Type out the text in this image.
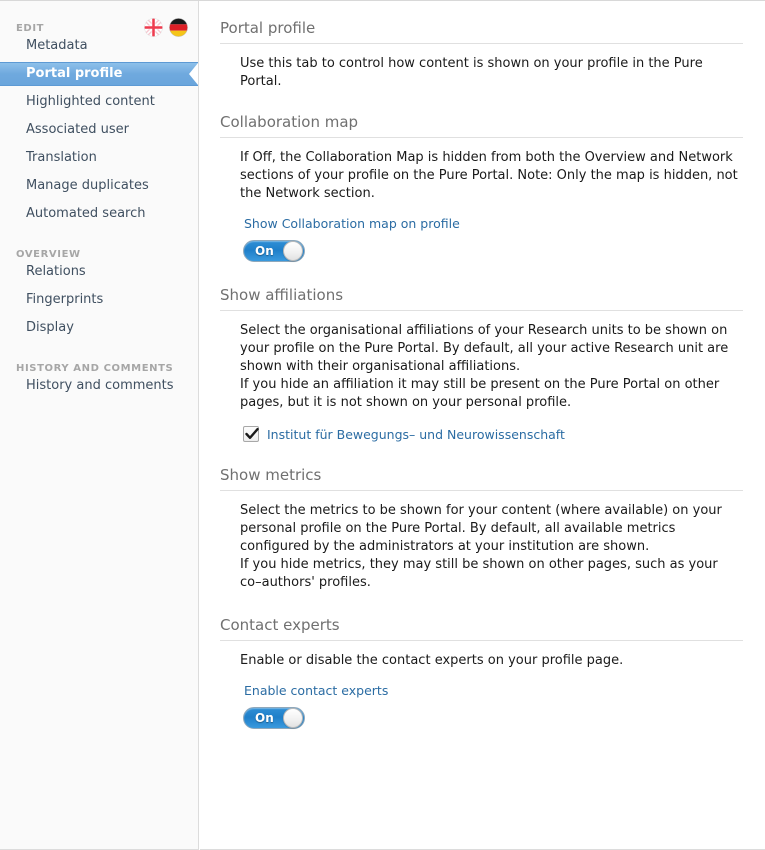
EDIT
Metadata
Portal profile
Highlighted content
Associated user
Translation
Manage duplicates
Automated search
OVERVIEW
Relations
Fingerprints
Display
HISTORY AND COMMENTS
History and comments
Portal profile

Use this tab to control how content is shown on your profile in the Pure Portal.

Collaboration map

If Off, the Collaboration Map is hidden from both the Overview and Network sections of your profile on the Pure Portal. Note: Only the map is hidden, not the Network section.

Show Collaboration map on profile
On
Show affiliations

Select the organisational affiliations of your Research units to be shown on your profile on the Pure Portal. By default, all your active Research unit are shown with their organisational affiliations.

If you hide an affiliation it may still be present on the Pure Portal on other pages, but it is not shown on your personal profile.

Institut für Bewegungs– und Neurowissenschaft
Show metrics

Select the metrics to be shown for your content (where available) on your personal profile on the Pure Portal. By default, all available metrics configured by the administrators at your institution are shown.

If you hide metrics, they may still be shown on other pages, such as your co–authors' profiles.

Contact experts

Enable or disable the contact experts on your profile page.

Enable contact experts
On
